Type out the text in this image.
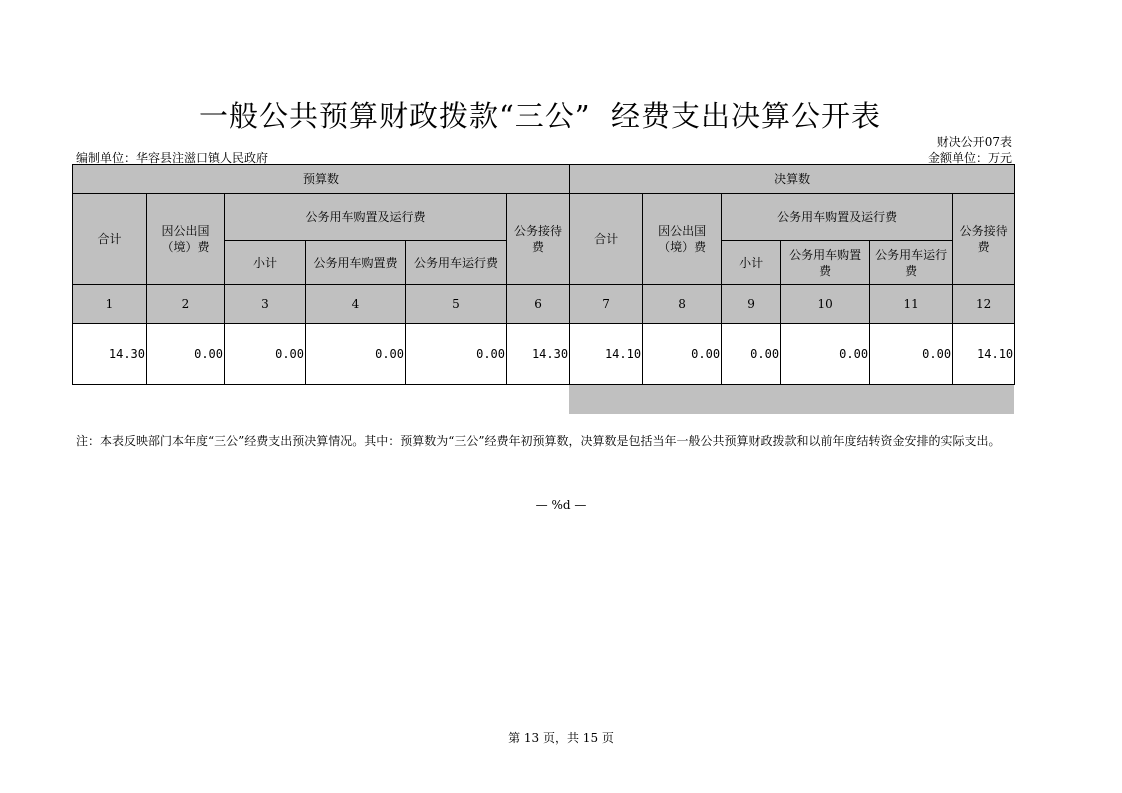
一般公共预算财政拨款“三公”  经费支出决算公开表
财决公开07表
编制单位：华容县注滋口镇人民政府	金额单位：万元
预算数						决算数					
合计	因公出国（境）费	公务用车购置及运行费			公务接待费	合计	因公出国（境）费	公务用车购置及运行费			公务接待费

		小计	公务用车购置费	公务用车运行费				小计	公务用车购置费	公务用车运行费	

1	2	3	4	5	6	7	8	9	10	11	12
14.30	0.00	0.00	0.00	0.00	14.30	14.10	0.00	0.00	0.00	0.00	14.10
注：本表反映部门本年度“三公”经费支出预决算情况。其中：预算数为“三公”经费年初预算数，决算数是包括当年一般公共预算财政拨款和以前年度结转资金安排的实际支出。
— %d —
第 13 页，共 15 页
